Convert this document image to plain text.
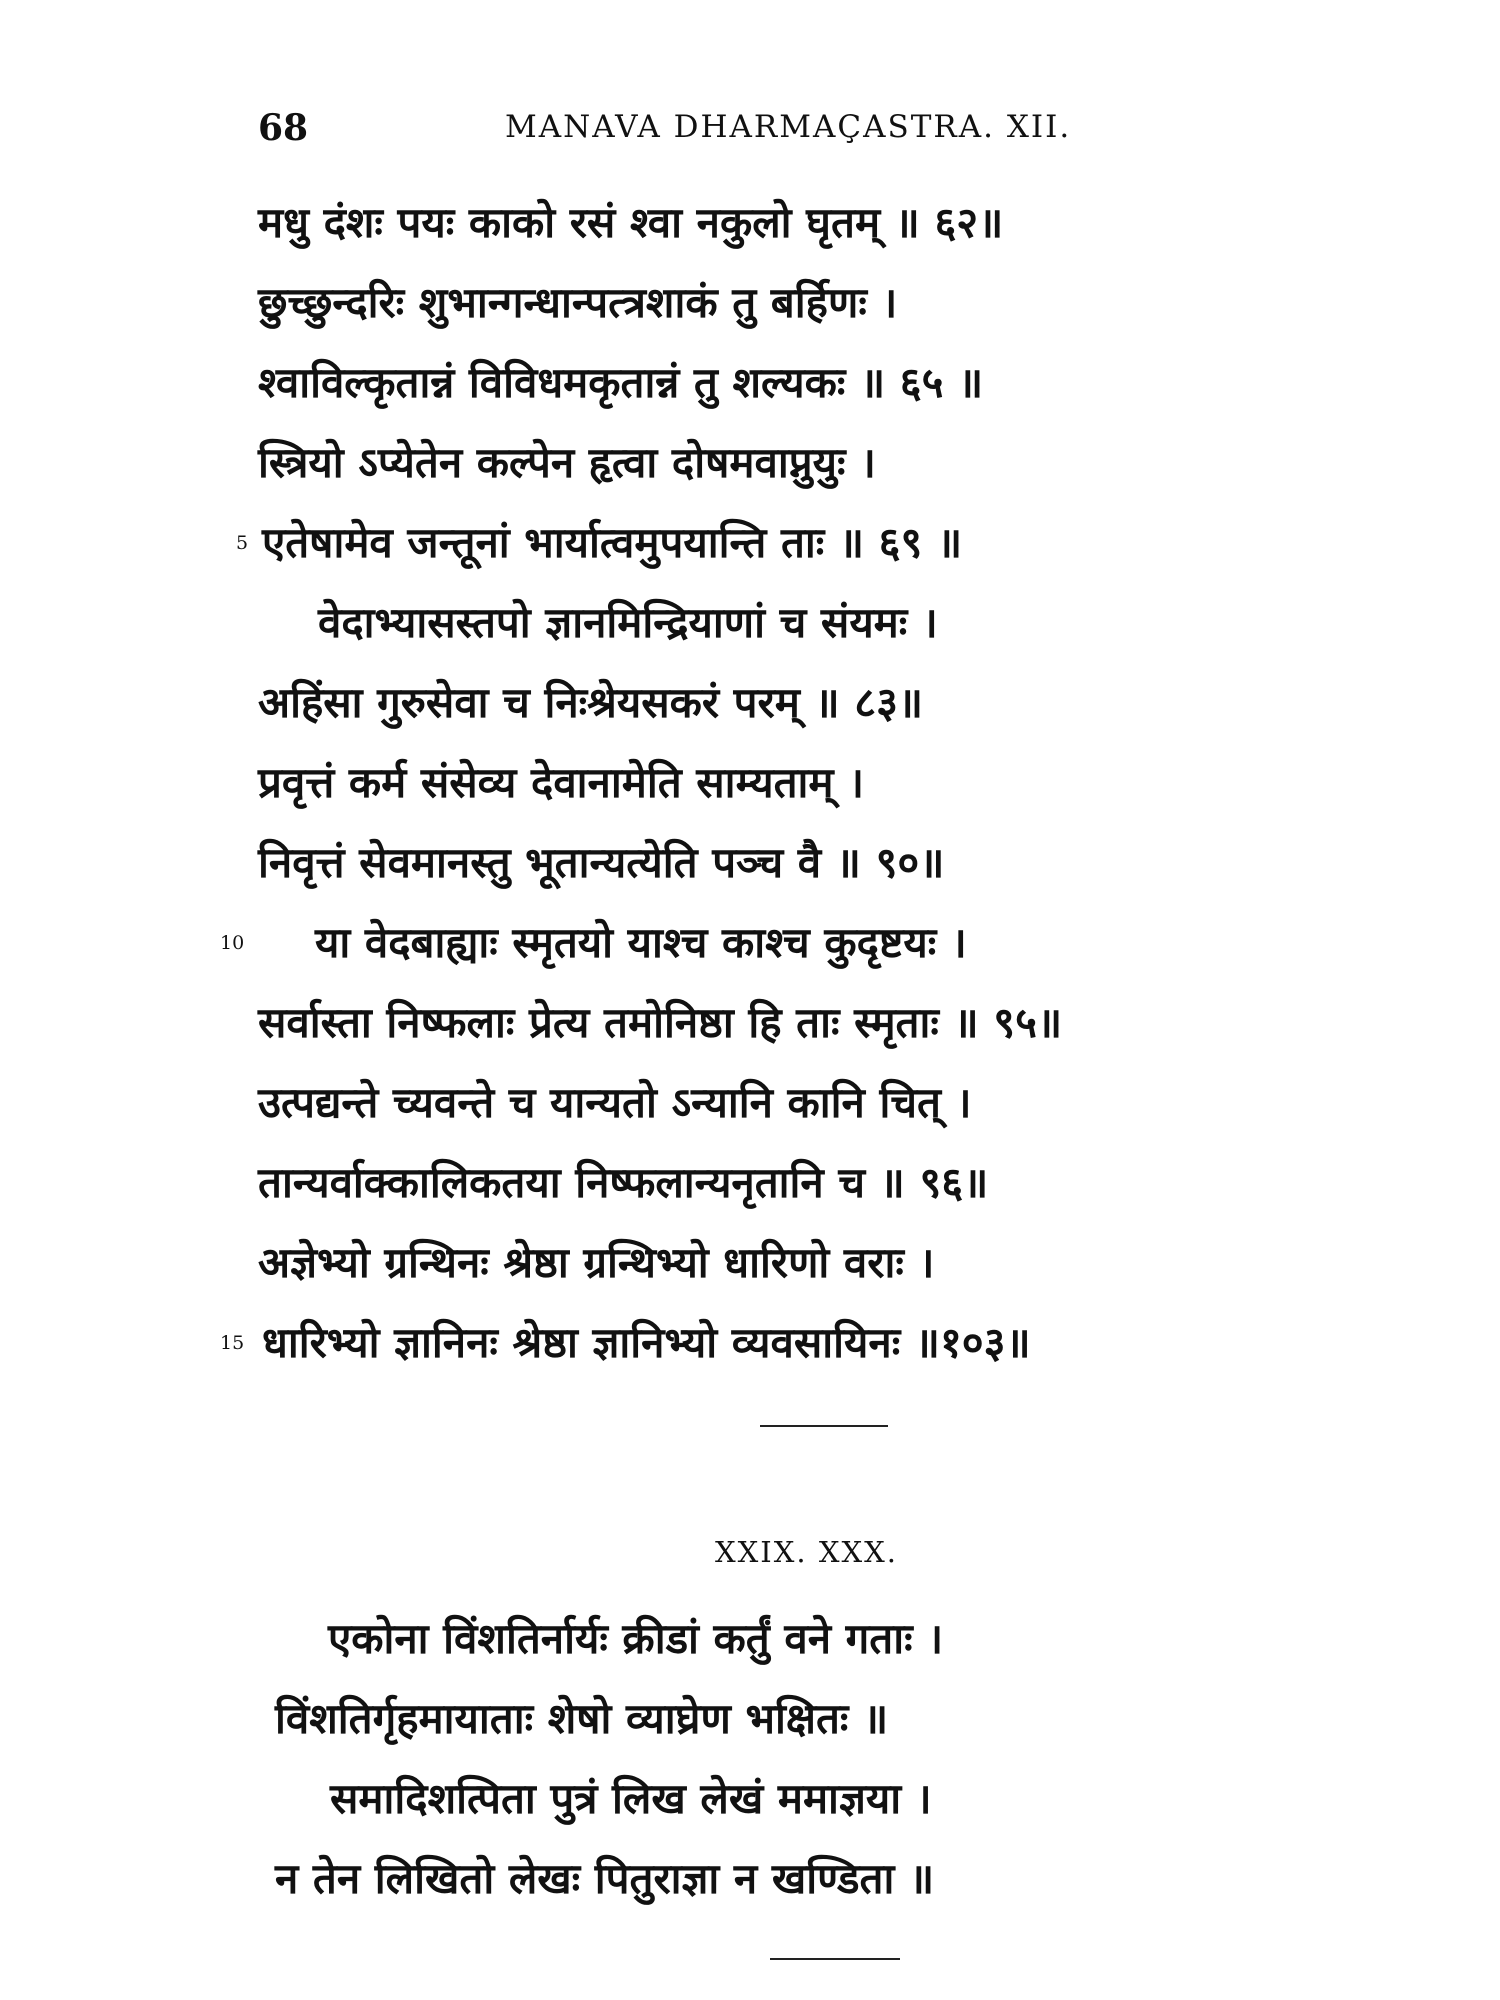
68	MANAVA DHARMAÇASTRA. XII.
मधु दंशः पयः काको रसं श्वा नकुलो घृतम् ॥ ६२॥
छुच्छुन्दरिः शुभान्गन्धान्पत्त्रशाकं तु बर्हिणः ।
श्वाविल्कृतान्नं विविधमकृतान्नं तु शल्यकः ॥ ६५ ॥
स्त्रियो ऽप्येतेन कल्पेन हृत्वा दोषमवाप्नुयुः ।
5 एतेषामेव जन्तूनां भार्यात्वमुपयान्ति ताः ॥ ६९ ॥
वेदाभ्यासस्तपो ज्ञानमिन्द्रियाणां च संयमः ।
अहिंसा गुरुसेवा च निःश्रेयसकरं परम् ॥ ८३॥
प्रवृत्तं कर्म संसेव्य देवानामेति साम्यताम् ।
निवृत्तं सेवमानस्तु भूतान्यत्येति पञ्च वै ॥ ९०॥
10 या वेदबाह्याः स्मृतयो याश्च काश्च कुदृष्टयः ।
सर्वास्ता निष्फलाः प्रेत्य तमोनिष्ठा हि ताः स्मृताः ॥ ९५॥
उत्पद्यन्ते च्यवन्ते च यान्यतो ऽन्यानि कानि चित् ।
तान्यर्वाक्कालिकतया निष्फलान्यनृतानि च ॥ ९६॥
अज्ञेभ्यो ग्रन्थिनः श्रेष्ठा ग्रन्थिभ्यो धारिणो वराः ।
15 धारिभ्यो ज्ञानिनः श्रेष्ठा ज्ञानिभ्यो व्यवसायिनः ॥१०३॥
XXIX. XXX.
एकोना विंशतिर्नार्यः क्रीडां कर्तुं वने गताः ।
विंशतिर्गृहमायाताः शेषो व्याघ्रेण भक्षितः ॥
समादिशत्पिता पुत्रं लिख लेखं ममाज्ञया ।
न तेन लिखितो लेखः पितुराज्ञा न खण्डिता ॥
